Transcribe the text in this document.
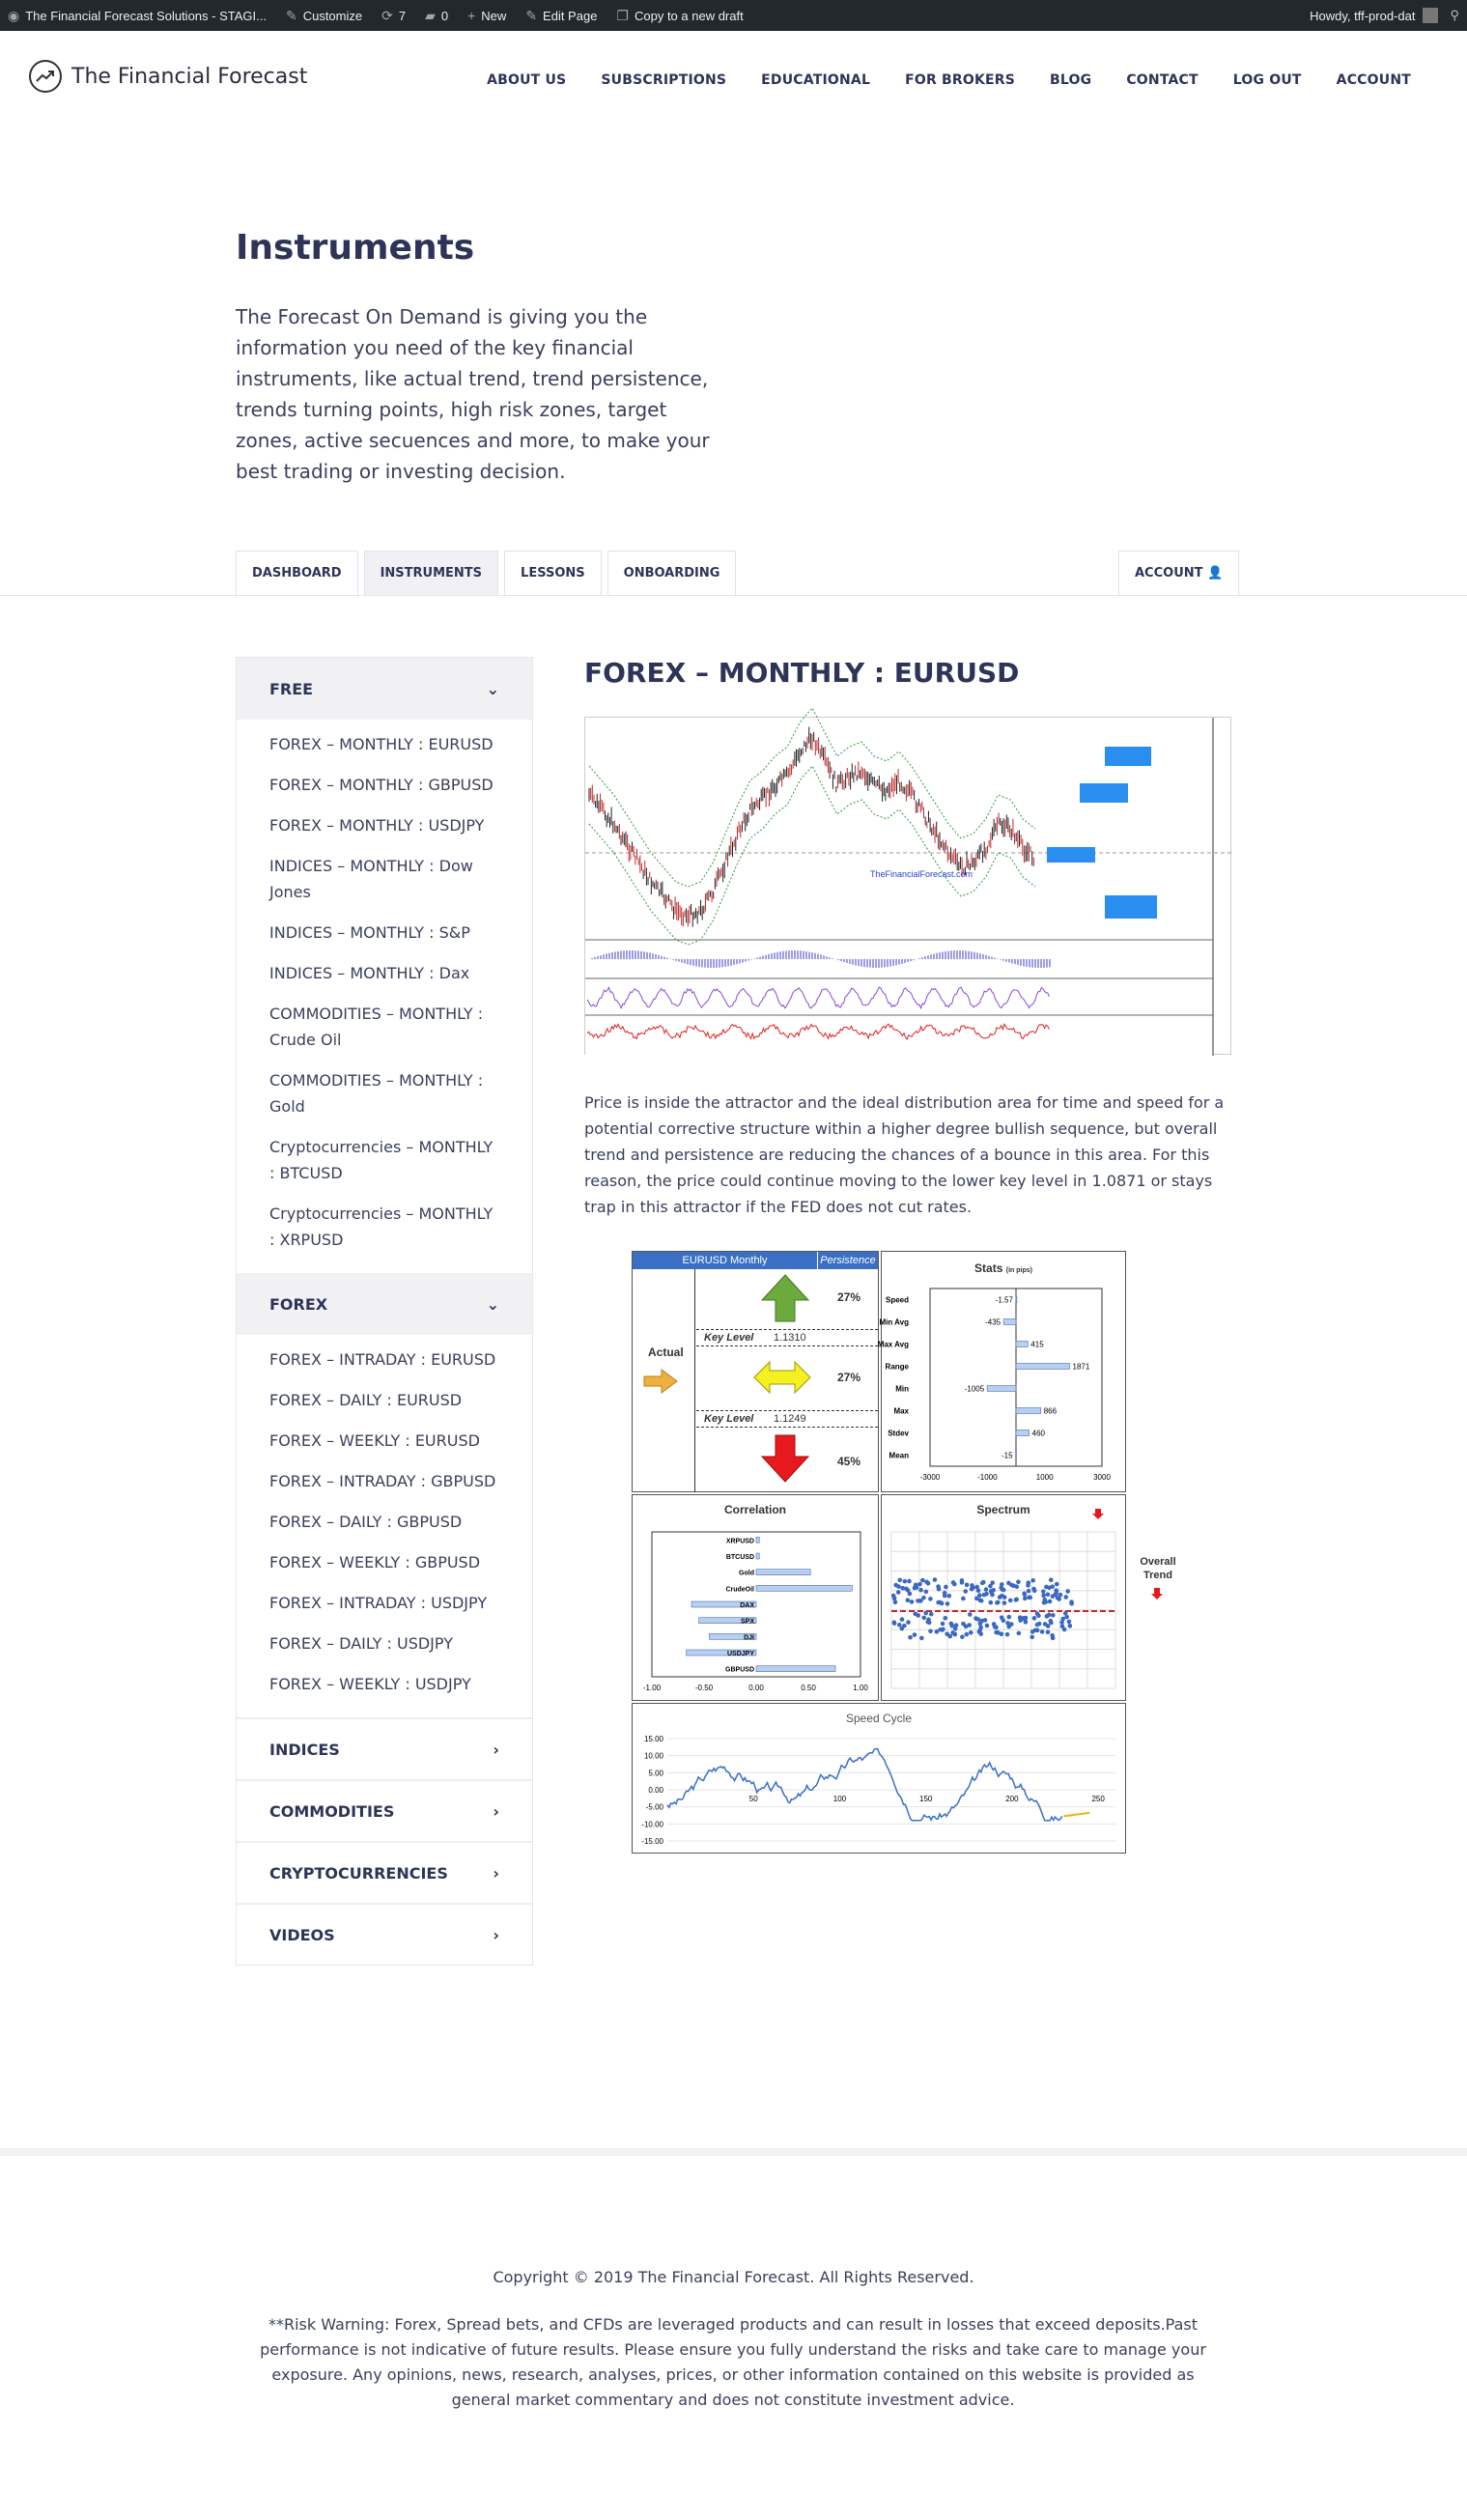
◉ The Financial Forecast Solutions - STAGI... ✎ Customize ⟳ 7 ▰ 0 + New ✎ Edit Page ❐ Copy to a new draft	Howdy, tff-prod-dat	⚲
The Financial Forecast	ABOUT US	SUBSCRIPTIONS	EDUCATIONAL	FOR BROKERS	BLOG	CONTACT	LOG OUT	ACCOUNT
Instruments

The Forecast On Demand is giving you the information you need of the key financial instruments, like actual trend, trend persistence, trends turning points, high risk zones, target zones, active secuences and more, to make your best trading or investing decision.

DASHBOARD	INSTRUMENTS	LESSONS	ONBOARDING	ACCOUNT
👤
FREE	⌄
FOREX – MONTHLY : EURUSD
FOREX – MONTHLY : GBPUSD
FOREX – MONTHLY : USDJPY
INDICES – MONTHLY : Dow Jones
INDICES – MONTHLY : S&P
INDICES – MONTHLY : Dax
COMMODITIES – MONTHLY : Crude Oil
COMMODITIES – MONTHLY : Gold
Cryptocurrencies – MONTHLY : BTCUSD
Cryptocurrencies – MONTHLY : XRPUSD
FOREX	⌄
FOREX – INTRADAY : EURUSD
FOREX – DAILY : EURUSD
FOREX – WEEKLY : EURUSD
FOREX – INTRADAY : GBPUSD
FOREX – DAILY : GBPUSD
FOREX – WEEKLY : GBPUSD
FOREX – INTRADAY : USDJPY
FOREX – DAILY : USDJPY
FOREX – WEEKLY : USDJPY
INDICES	›
COMMODITIES	›
CRYPTOCURRENCIES	›
VIDEOS	›
FOREX – MONTHLY : EURUSD
TheFinancialForecast.com

Price is inside the attractor and the ideal distribution area for time and speed for a potential corrective structure within a higher degree bullish sequence, but overall trend and persistence are reducing the chances of a bounce in this area. For this reason, the price could continue moving to the lower key level in 1.0871 or stays trap in this attractor if the FED does not cut rates.

EURUSD Monthly	Persistence
Actual
27%
Key Level 1.1310
27%
Key Level 1.1249
45%
Stats (in pips)
Speed	-1.57
Min Avg	-435
Max Avg	415
Range	1871
Min	-1005
Max	866
Stdev	460
Mean	-15
-3000	-1000	1000	3000
Correlation
XRPUSD
BTCUSD
Gold
CrudeOil
DAX
SPX
DJI
USDJPY
GBPUSD
-1.00	-0.50	0.00	0.50	1.00
Spectrum
Overall Trend
Speed Cycle
15.00
10.00
5.00
0.00
-5.00
-10.00
-15.00
50	100	150	200	250

Copyright © 2019 The Financial Forecast. All Rights Reserved.

**Risk Warning: Forex, Spread bets, and CFDs are leveraged products and can result in losses that exceed deposits.Past performance is not indicative of future results. Please ensure you fully understand the risks and take care to manage your exposure. Any opinions, news, research, analyses, prices, or other information contained on this website is provided as general market commentary and does not constitute investment advice.
